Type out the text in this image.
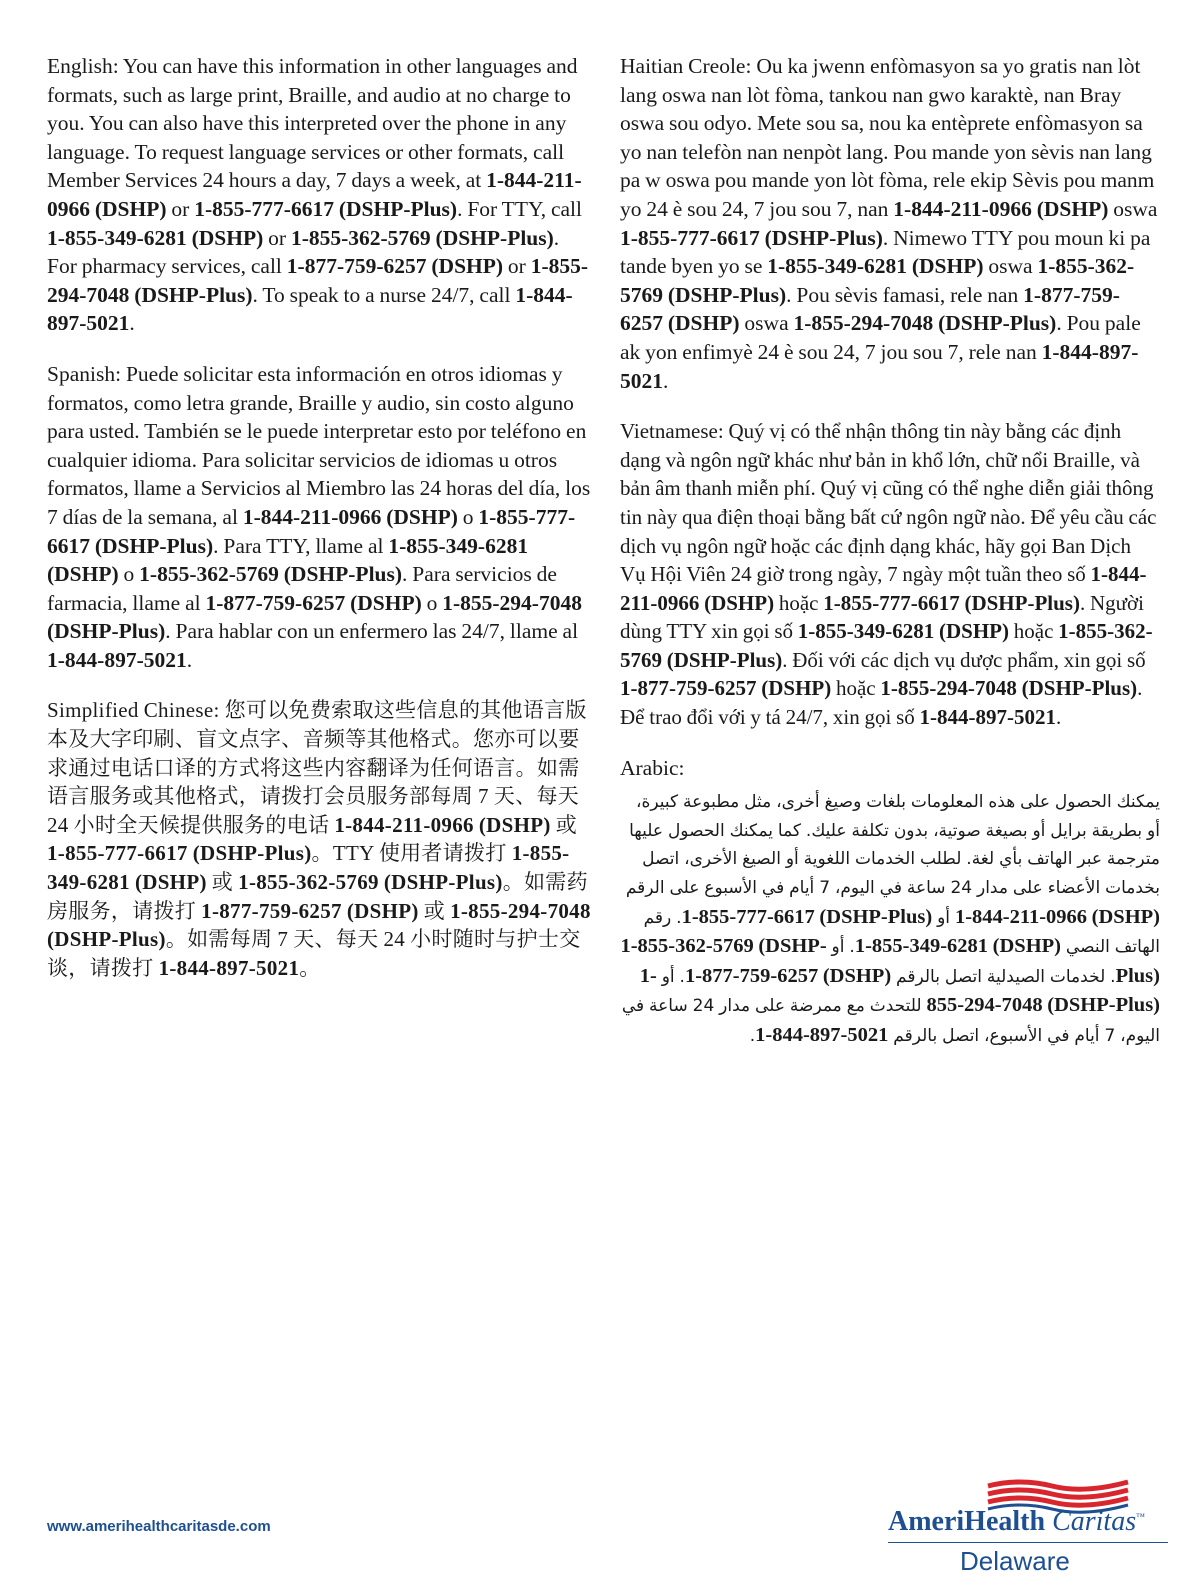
English: You can have this information in other languages and formats, such as large print, Braille, and audio at no charge to you. You can also have this interpreted over the phone in any language. To request language services or other formats, call Member Services 24 hours a day, 7 days a week, at 1-844-211-0966 (DSHP) or 1-855-777-6617 (DSHP-Plus). For TTY, call 1-855-349-6281 (DSHP) or 1-855-362-5769 (DSHP-Plus). For pharmacy services, call 1-877-759-6257 (DSHP) or 1-855-294-7048 (DSHP-Plus). To speak to a nurse 24/7, call 1-844-897-5021.

Spanish: Puede solicitar esta información en otros idiomas y formatos, como letra grande, Braille y audio, sin costo alguno para usted. También se le puede interpretar esto por teléfono en cualquier idioma. Para solicitar servicios de idiomas u otros formatos, llame a Servicios al Miembro las 24 horas del día, los 7 días de la semana, al 1-844-211-0966 (DSHP) o 1-855-777-6617 (DSHP-Plus). Para TTY, llame al 1-855-349-6281 (DSHP) o 1-855-362-5769 (DSHP-Plus). Para servicios de farmacia, llame al 1-877-759-6257 (DSHP) o 1-855-294-7048 (DSHP-Plus). Para hablar con un enfermero las 24/7, llame al 1-844-897-5021.

Simplified Chinese: 您可以免费索取这些信息的其他语言版本及大字印刷、盲文点字、音频等其他格式。您亦可以要求通过电话口译的方式将这些内容翻译为任何语言。如需语言服务或其他格式，请拨打会员服务部每周 7 天、每天 24 小时全天候提供服务的电话 1-844-211-0966 (DSHP) 或 1-855-777-6617 (DSHP-Plus)。TTY 使用者请拨打 1-855-349-6281 (DSHP) 或 1-855-362-5769 (DSHP-Plus)。如需药房服务，请拨打 1-877-759-6257 (DSHP) 或 1-855-294-7048 (DSHP-Plus)。如需每周 7 天、每天 24 小时随时与护士交谈，请拨打 1-844-897-5021。

Haitian Creole: Ou ka jwenn enfòmasyon sa yo gratis nan lòt lang oswa nan lòt fòma, tankou nan gwo karaktè, nan Bray oswa sou odyo. Mete sou sa, nou ka entèprete enfòmasyon sa yo nan telefòn nan nenpòt lang. Pou mande yon sèvis nan lang pa w oswa pou mande yon lòt fòma, rele ekip Sèvis pou manm yo 24 è sou 24, 7 jou sou 7, nan 1-844-211-0966 (DSHP) oswa 1-855-777-6617 (DSHP-Plus). Nimewo TTY pou moun ki pa tande byen yo se 1-855-349-6281 (DSHP) oswa 1-855-362-5769 (DSHP-Plus). Pou sèvis famasi, rele nan 1-877-759-6257 (DSHP) oswa 1-855-294-7048 (DSHP-Plus). Pou pale ak yon enfimyè 24 è sou 24, 7 jou sou 7, rele nan 1-844-897-5021.

Vietnamese: Quý vị có thể nhận thông tin này bằng các định dạng và ngôn ngữ khác như bản in khổ lớn, chữ nổi Braille, và bản âm thanh miễn phí. Quý vị cũng có thể nghe diễn giải thông tin này qua điện thoại bằng bất cứ ngôn ngữ nào. Để yêu cầu các dịch vụ ngôn ngữ hoặc các định dạng khác, hãy gọi Ban Dịch Vụ Hội Viên 24 giờ trong ngày, 7 ngày một tuần theo số 1-844-211-0966 (DSHP) hoặc 1-855-777-6617 (DSHP-Plus). Người dùng TTY xin gọi số 1-855-349-6281 (DSHP) hoặc 1-855-362-5769 (DSHP-Plus). Đối với các dịch vụ dược phẩm, xin gọi số 1-877-759-6257 (DSHP) hoặc 1-855-294-7048 (DSHP-Plus). Để trao đổi với y tá 24/7, xin gọi số 1-844-897-5021.

Arabic:

يمكنك الحصول على هذه المعلومات بلغات وصيغ أخرى، مثل مطبوعة كبيرة، أو بطريقة برايل أو بصيغة صوتية، بدون تكلفة عليك. كما يمكنك الحصول عليها مترجمة عبر الهاتف بأي لغة. لطلب الخدمات اللغوية أو الصيغ الأخرى، اتصل بخدمات الأعضاء على مدار 24 ساعة في اليوم، 7 أيام في الأسبوع على الرقم 1-844-211-0966 (DSHP) أو 1-855-777-6617 (DSHP-Plus). رقم الهاتف النصي 1-855-349-6281 (DSHP). أو 1-855-362-5769 (DSHP-Plus). لخدمات الصيدلية اتصل بالرقم 1-877-759-6257 (DSHP). أو 1-855-294-7048 (DSHP-Plus) للتحدث مع ممرضة على مدار 24 ساعة في اليوم، 7 أيام في الأسبوع، اتصل بالرقم 1-844-897-5021.

www.amerihealthcaritasde.com	AmeriHealth Caritas™
Delaware
